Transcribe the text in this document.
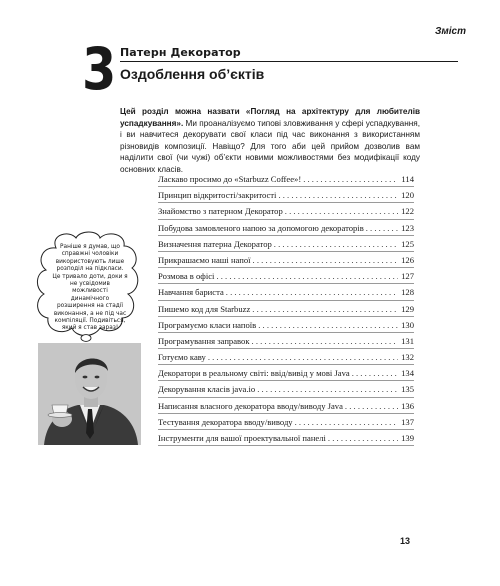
Зміст
3 Патерн Декоратор
Оздоблення об’єктів

Цей розділ можна назвати «Погляд на архітектуру для любителів успадкування». Ми проаналізуємо типові зловживання у сфері успадкування, і ви навчитеся декорувати свої класи під час виконання з використанням різновидів композиції. Навіщо? Для того аби цей прийом дозволив вам наділити свої (чи чужі) об’єкти новими можливостями без модифікації коду основних класів.

Ласкаво просимо до «Starbuzz Coffee»! . . .	114
Принцип відкритості/закритості . . .	120
Знайомство з патерном Декоратор . . .	122
Побудова замовленого напою за допомогою декораторів . . .	123
Визначення патерна Декоратор . . .	125
Прикрашаємо наші напої . . .	126
Розмова в офісі . . .	127
Навчання бариста . . .	128
Пишемо код для Starbuzz . . .	129
Програмуємо класи напоїв . . .	130
Програмування заправок . . .	131
Готуємо каву . . .	132
Декоратори в реальному світі: ввід/вивід у мові Java . . .	134
Декорування класів java.io . . .	135
Написання власного декоратора вводу/виводу Java . . .	136
Тестування декоратора вводу/виводу . . .	137
Інструменти для вашої проектувальної панелі . . .	139
Раніше я думав, що справжні чоловіки використовують лише розподіл на підкласи. Це тривало доти, доки я не усвідомив можливості динамічного розширення на стадії виконання, а не під час компіляції. Подивіться, який я став зараз!
13
